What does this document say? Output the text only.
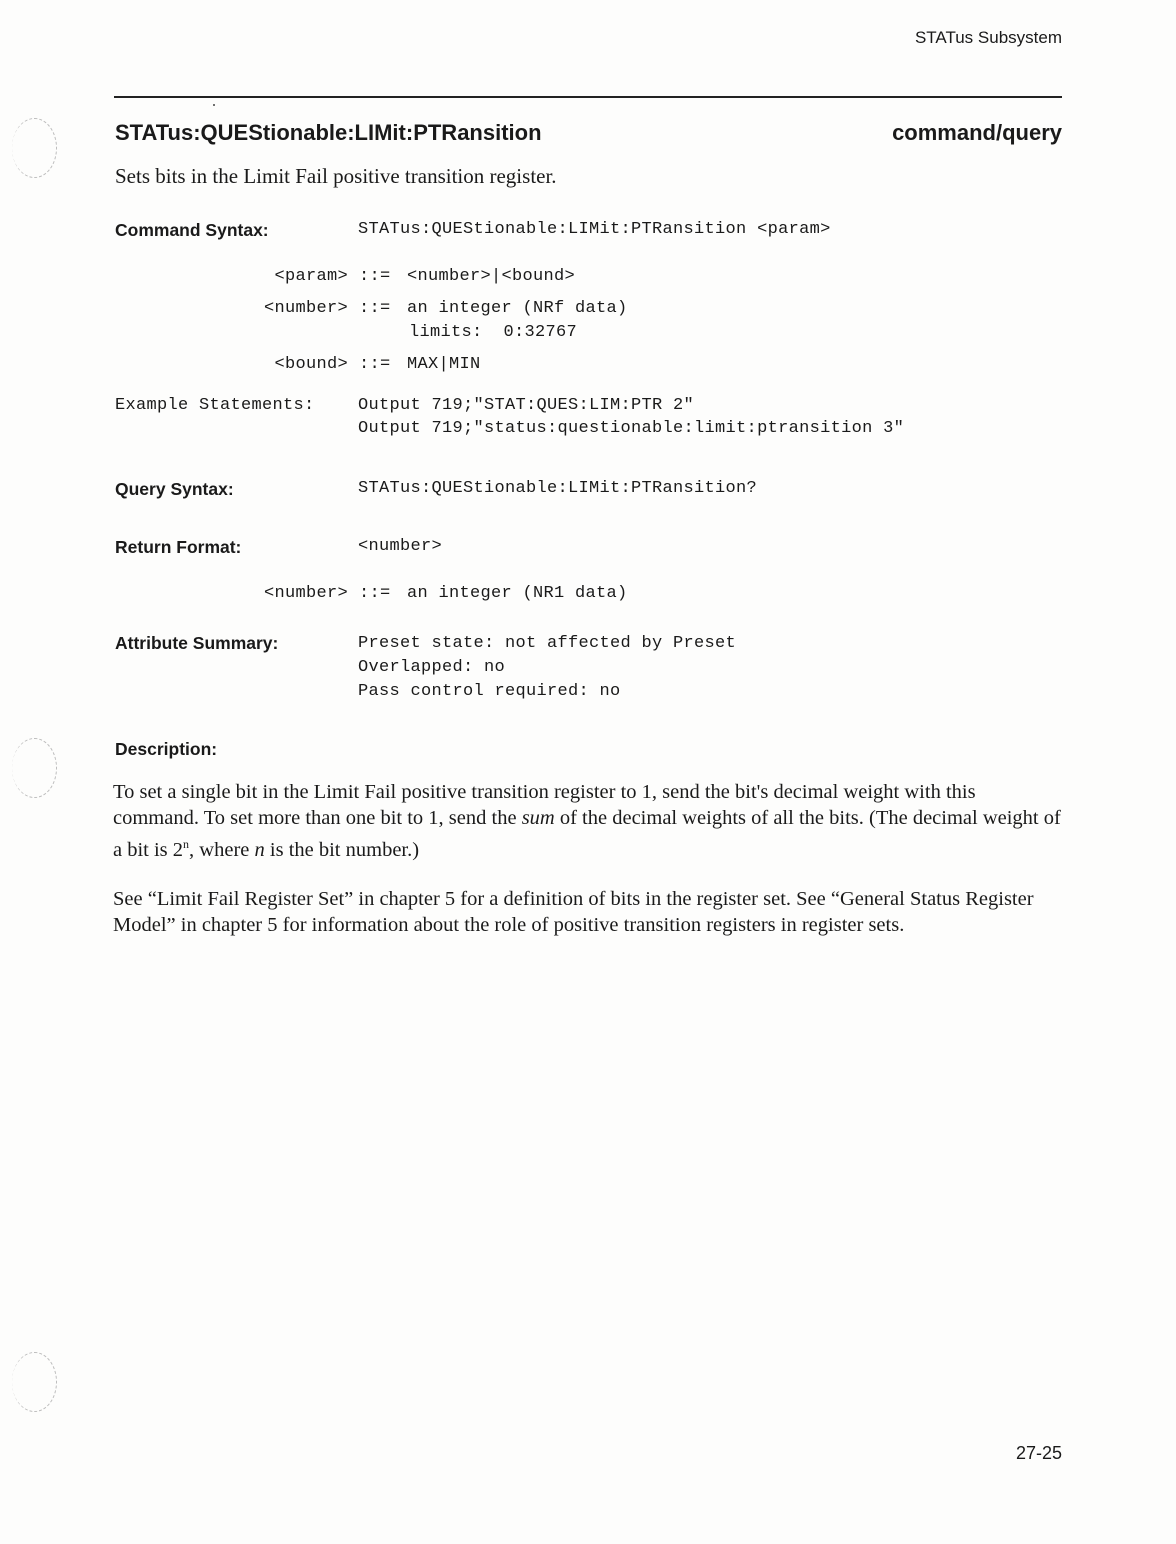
STATus Subsystem
STATus:QUEStionable:LIMit:PTRansition	command/query
Sets bits in the Limit Fail positive transition register.
Command Syntax:	STATus:QUEStionable:LIMit:PTRansition <param>
<param> ::= <number>|<bound>
<number> ::= an integer (NRf data)
limits:  0:32767
<bound> ::= MAX|MIN
Example Statements:	Output 719;"STAT:QUES:LIM:PTR 2"
Output 719;"status:questionable:limit:ptransition 3"
Query Syntax:	STATus:QUEStionable:LIMit:PTRansition?
Return Format:	<number>
<number> ::= an integer (NR1 data)
Attribute Summary:	Preset state: not affected by Preset
Overlapped: no
Pass control required: no
Description:

To set a single bit in the Limit Fail positive transition register to 1, send the bit's decimal weight with this command. To set more than one bit to 1, send the sum of the decimal weights of all the bits. (The decimal weight of a bit is 2$^n$, where n is the bit number.)

See “Limit Fail Register Set” in chapter 5 for a definition of bits in the register set. See “General Status Register Model” in chapter 5 for information about the role of positive transition registers in register sets.

27-25
